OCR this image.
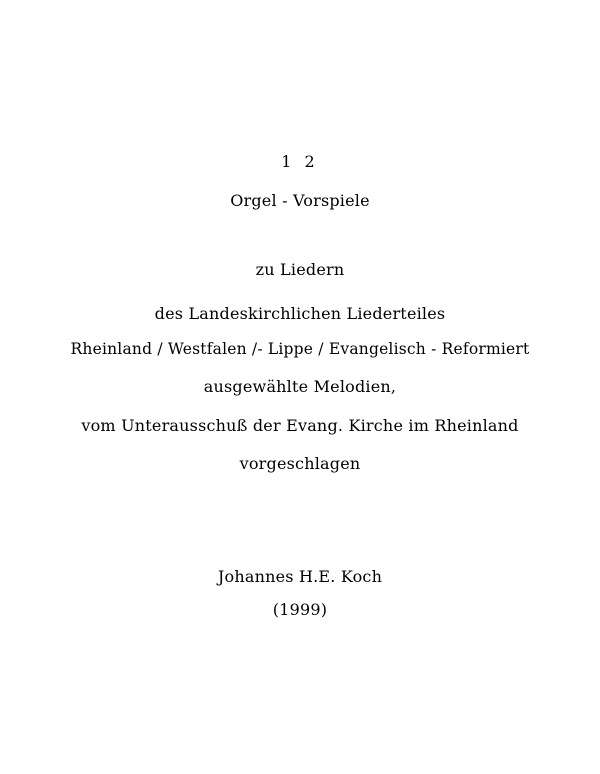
1 2
Orgel - Vorspiele
zu Liedern
des Landeskirchlichen Liederteiles
Rheinland / Westfalen /- Lippe / Evangelisch - Reformiert
ausgewählte Melodien,
vom Unterausschuß der Evang. Kirche im Rheinland
vorgeschlagen
Johannes H.E. Koch
(1999)
